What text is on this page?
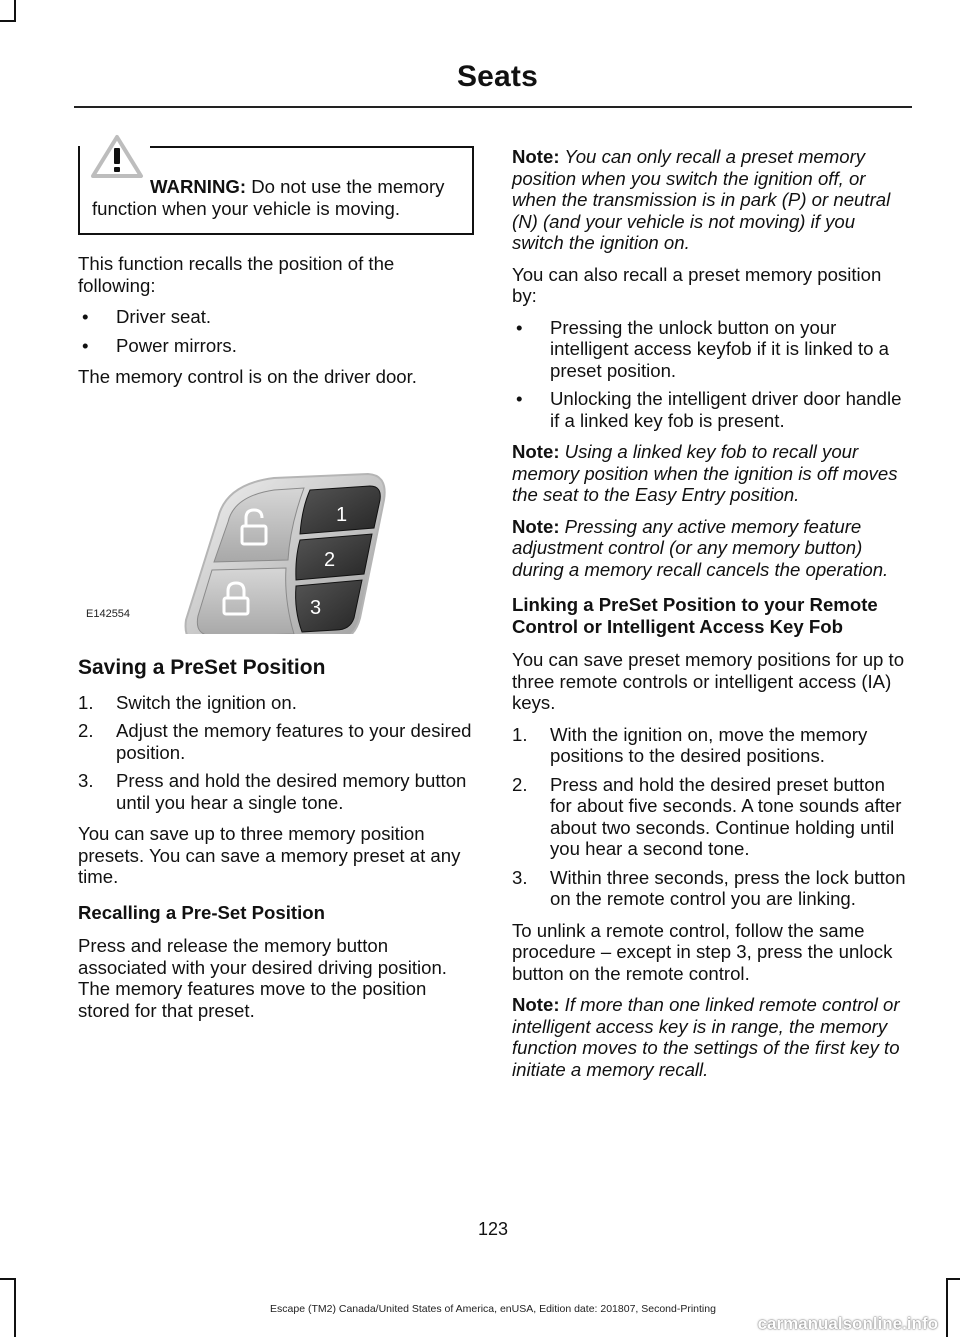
Seats
WARNING: Do not use the memory function when your vehicle is moving.

This function recalls the position of the following:

• Driver seat.
• Power mirrors.

The memory control is on the driver door.

1
2
3
E142554
Saving a PreSet Position
1. Switch the ignition on.
2. Adjust the memory features to your desired position.
3. Press and hold the desired memory button until you hear a single tone.

You can save up to three memory position presets. You can save a memory preset at any time.

Recalling a Pre-Set Position

Press and release the memory button associated with your desired driving position. The memory features move to the position stored for that preset.

Note: You can only recall a preset memory position when you switch the ignition off, or when the transmission is in park (P) or neutral (N) (and your vehicle is not moving) if you switch the ignition on.

You can also recall a preset memory position by:

• Pressing the unlock button on your intelligent access keyfob if it is linked to a preset position.
• Unlocking the intelligent driver door handle if a linked key fob is present.

Note: Using a linked key fob to recall your memory position when the ignition is off moves the seat to the Easy Entry position.

Note: Pressing any active memory feature adjustment control (or any memory button) during a memory recall cancels the operation.

Linking a PreSet Position to your Remote Control or Intelligent Access Key Fob

You can save preset memory positions for up to three remote controls or intelligent access (IA) keys.

1. With the ignition on, move the memory positions to the desired positions.
2. Press and hold the desired preset button for about five seconds. A tone sounds after about two seconds. Continue holding until you hear a second tone.
3. Within three seconds, press the lock button on the remote control you are linking.

To unlink a remote control, follow the same procedure – except in step 3, press the unlock button on the remote control.

Note: If more than one linked remote control or intelligent access key is in range, the memory function moves to the settings of the first key to initiate a memory recall.

123
Escape (TM2) Canada/United States of America, enUSA, Edition date: 201807, Second-Printing
carmanualsonline.info
